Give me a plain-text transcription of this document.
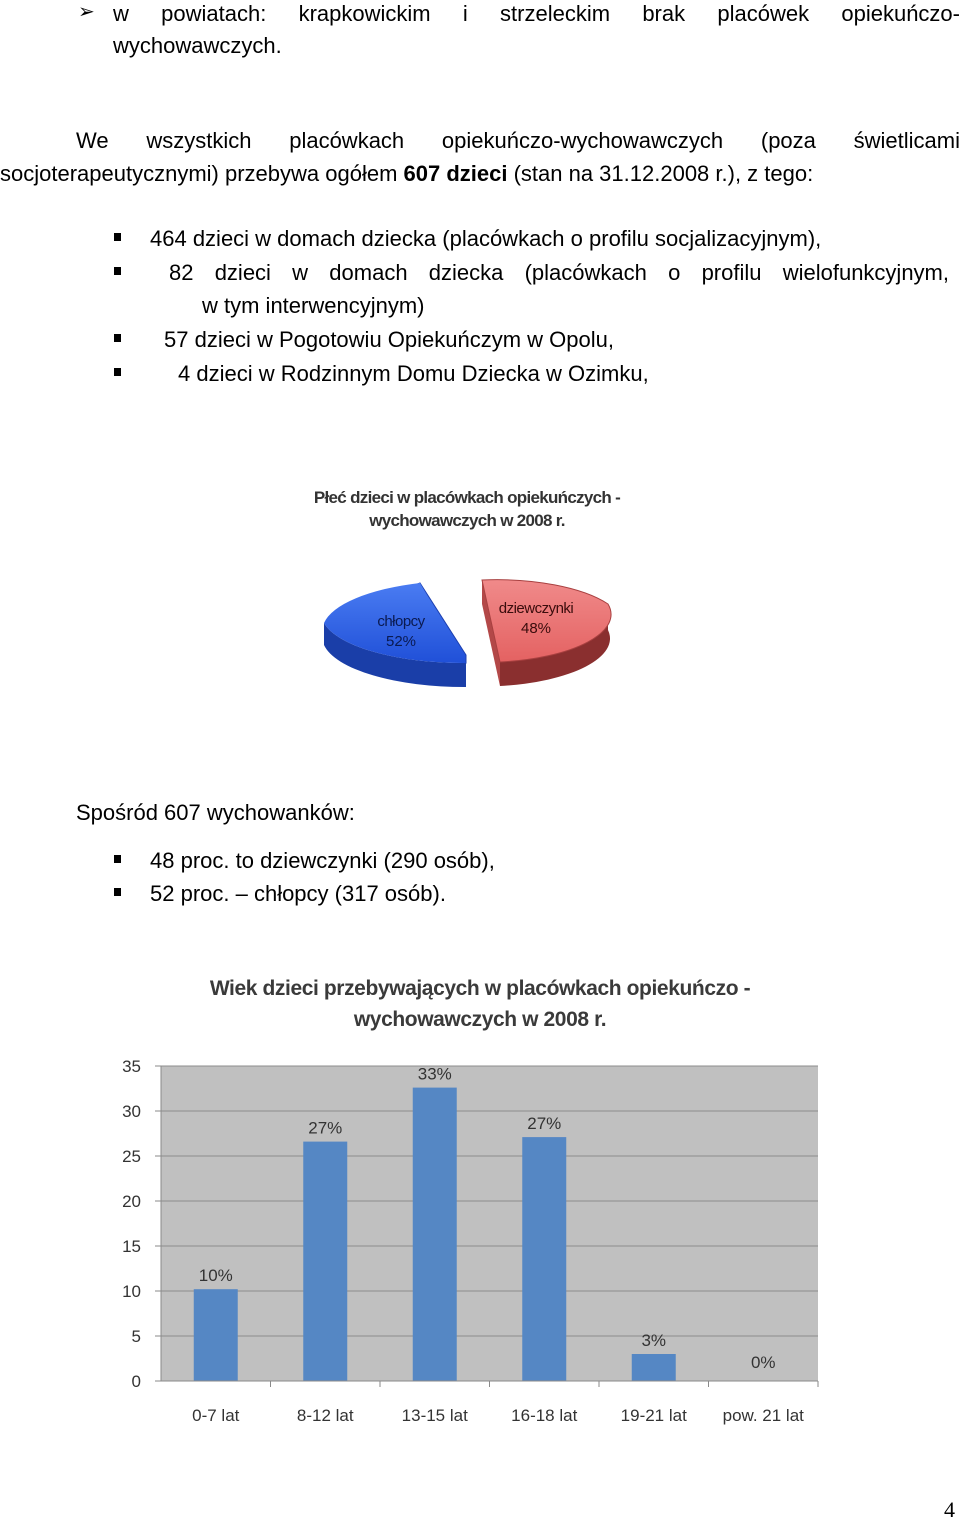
➢ w powiatach: krapkowickim i strzeleckim brak placówek opiekuńczo-
wychowawczych.
We wszystkich placówkach opiekuńczo-wychowawczych (poza świetlicami
socjoterapeutycznymi) przebywa ogółem 607 dzieci (stan na 31.12.2008 r.), z tego:
464 dzieci w domach dziecka (placówkach o profilu socjalizacyjnym),
82 dzieci w domach dziecka (placówkach o profilu wielofunkcyjnym,
w tym interwencyjnym)
57 dzieci w Pogotowiu Opiekuńczym w Opolu,
4 dzieci w Rodzinnym Domu Dziecka w Ozimku,
Płeć dzieci w placówkach opiekuńczych -
wychowawczych w 2008 r.
chłopcy
52%
dziewczynki
48%
Spośród 607 wychowanków:
48 proc. to dziewczynki (290 osób),
52 proc. – chłopcy (317 osób).
Wiek dzieci przebywających w placówkach opiekuńczo -
wychowawczych w 2008 r.
10%
27%
33%
27%
3%
0%
0-7 lat	8-12 lat	13-15 lat	16-18 lat	19-21 lat pow. 21 lat
0
5
10
15
20
25
30
35
4
